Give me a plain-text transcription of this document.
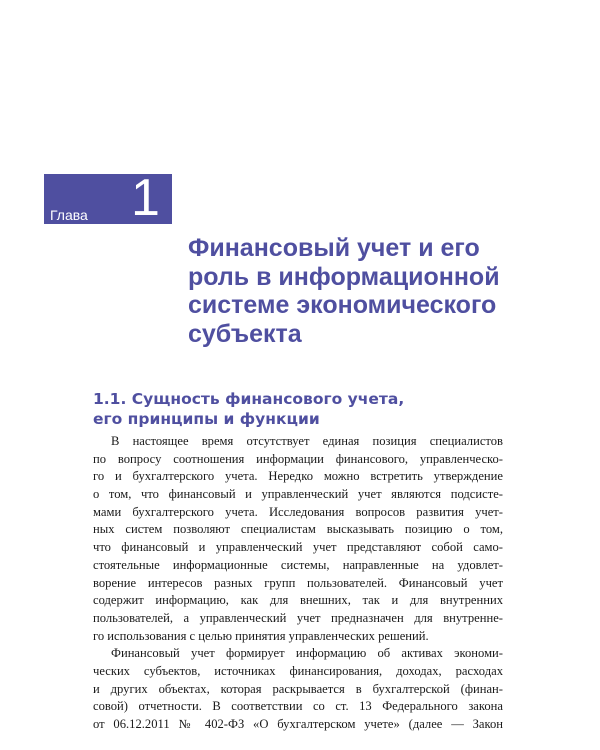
Глава 1
Финансовый учет и его
роль в информационной
системе экономического
субъекта
1.1. Сущность финансового учета,
его принципы и функции
В настоящее время отсутствует единая позиция специалистов
по вопросу соотношения информации финансового, управленческо-
го и бухгалтерского учета. Нередко можно встретить утверждение
о том, что финансовый и управленческий учет являются подсисте-
мами бухгалтерского учета. Исследования вопросов развития учет-
ных систем позволяют специалистам высказывать позицию о том,
что финансовый и управленческий учет представляют собой само-
стоятельные информационные системы, направленные на удовлет-
ворение интересов разных групп пользователей. Финансовый учет
содержит информацию, как для внешних, так и для внутренних
пользователей, а управленческий учет предназначен для внутренне-
го использования с целью принятия управленческих решений.
Финансовый учет формирует информацию об активах экономи-
ческих субъектов, источниках финансирования, доходах, расходах
и других объектах, которая раскрывается в бухгалтерской (финан-
совой) отчетности. В соответствии со ст. 13 Федерального закона
от 06.12.2011 № 402-ФЗ «О бухгалтерском учете» (далее — Закон
